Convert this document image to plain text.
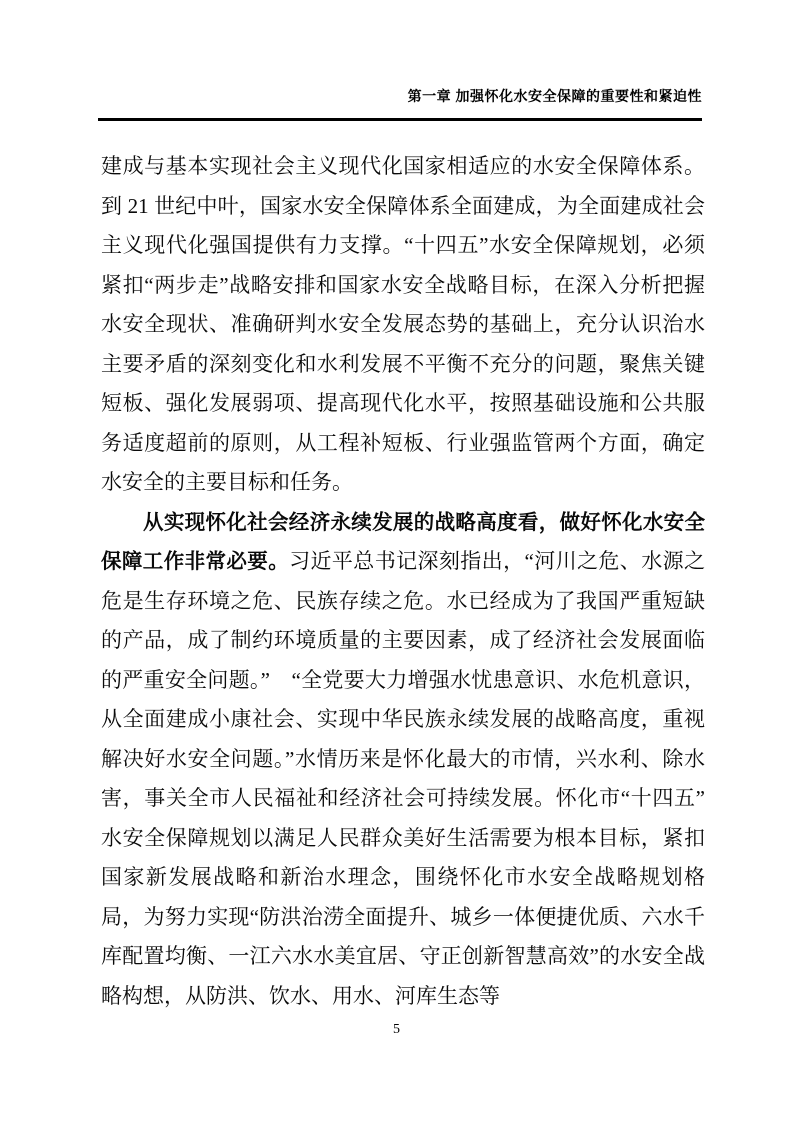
第一章 加强怀化水安全保障的重要性和紧迫性

建成与基本实现社会主义现代化国家相适应的水安全保障体系。到 21 世纪中叶，国家水安全保障体系全面建成，为全面建成社会主义现代化强国提供有力支撑。“十四五”水安全保障规划，必须紧扣“两步走”战略安排和国家水安全战略目标，在深入分析把握水安全现状、准确研判水安全发展态势的基础上，充分认识治水主要矛盾的深刻变化和水利发展不平衡不充分的问题，聚焦关键短板、强化发展弱项、提高现代化水平，按照基础设施和公共服务适度超前的原则，从工程补短板、行业强监管两个方面，确定水安全的主要目标和任务。

从实现怀化社会经济永续发展的战略高度看，做好怀化水安全保障工作非常必要。习近平总书记深刻指出，“河川之危、水源之危是生存环境之危、民族存续之危。水已经成为了我国严重短缺的产品，成了制约环境质量的主要因素，成了经济社会发展面临的严重安全问题。”　“全党要大力增强水忧患意识、水危机意识，从全面建成小康社会、实现中华民族永续发展的战略高度，重视解决好水安全问题。”水情历来是怀化最大的市情，兴水利、除水害，事关全市人民福祉和经济社会可持续发展。怀化市“十四五”水安全保障规划以满足人民群众美好生活需要为根本目标，紧扣国家新发展战略和新治水理念，围绕怀化市水安全战略规划格局，为努力实现“防洪治涝全面提升、城乡一体便捷优质、六水千库配置均衡、一江六水水美宜居、守正创新智慧高效”的水安全战略构想，从防洪、饮水、用水、河库生态等

5
